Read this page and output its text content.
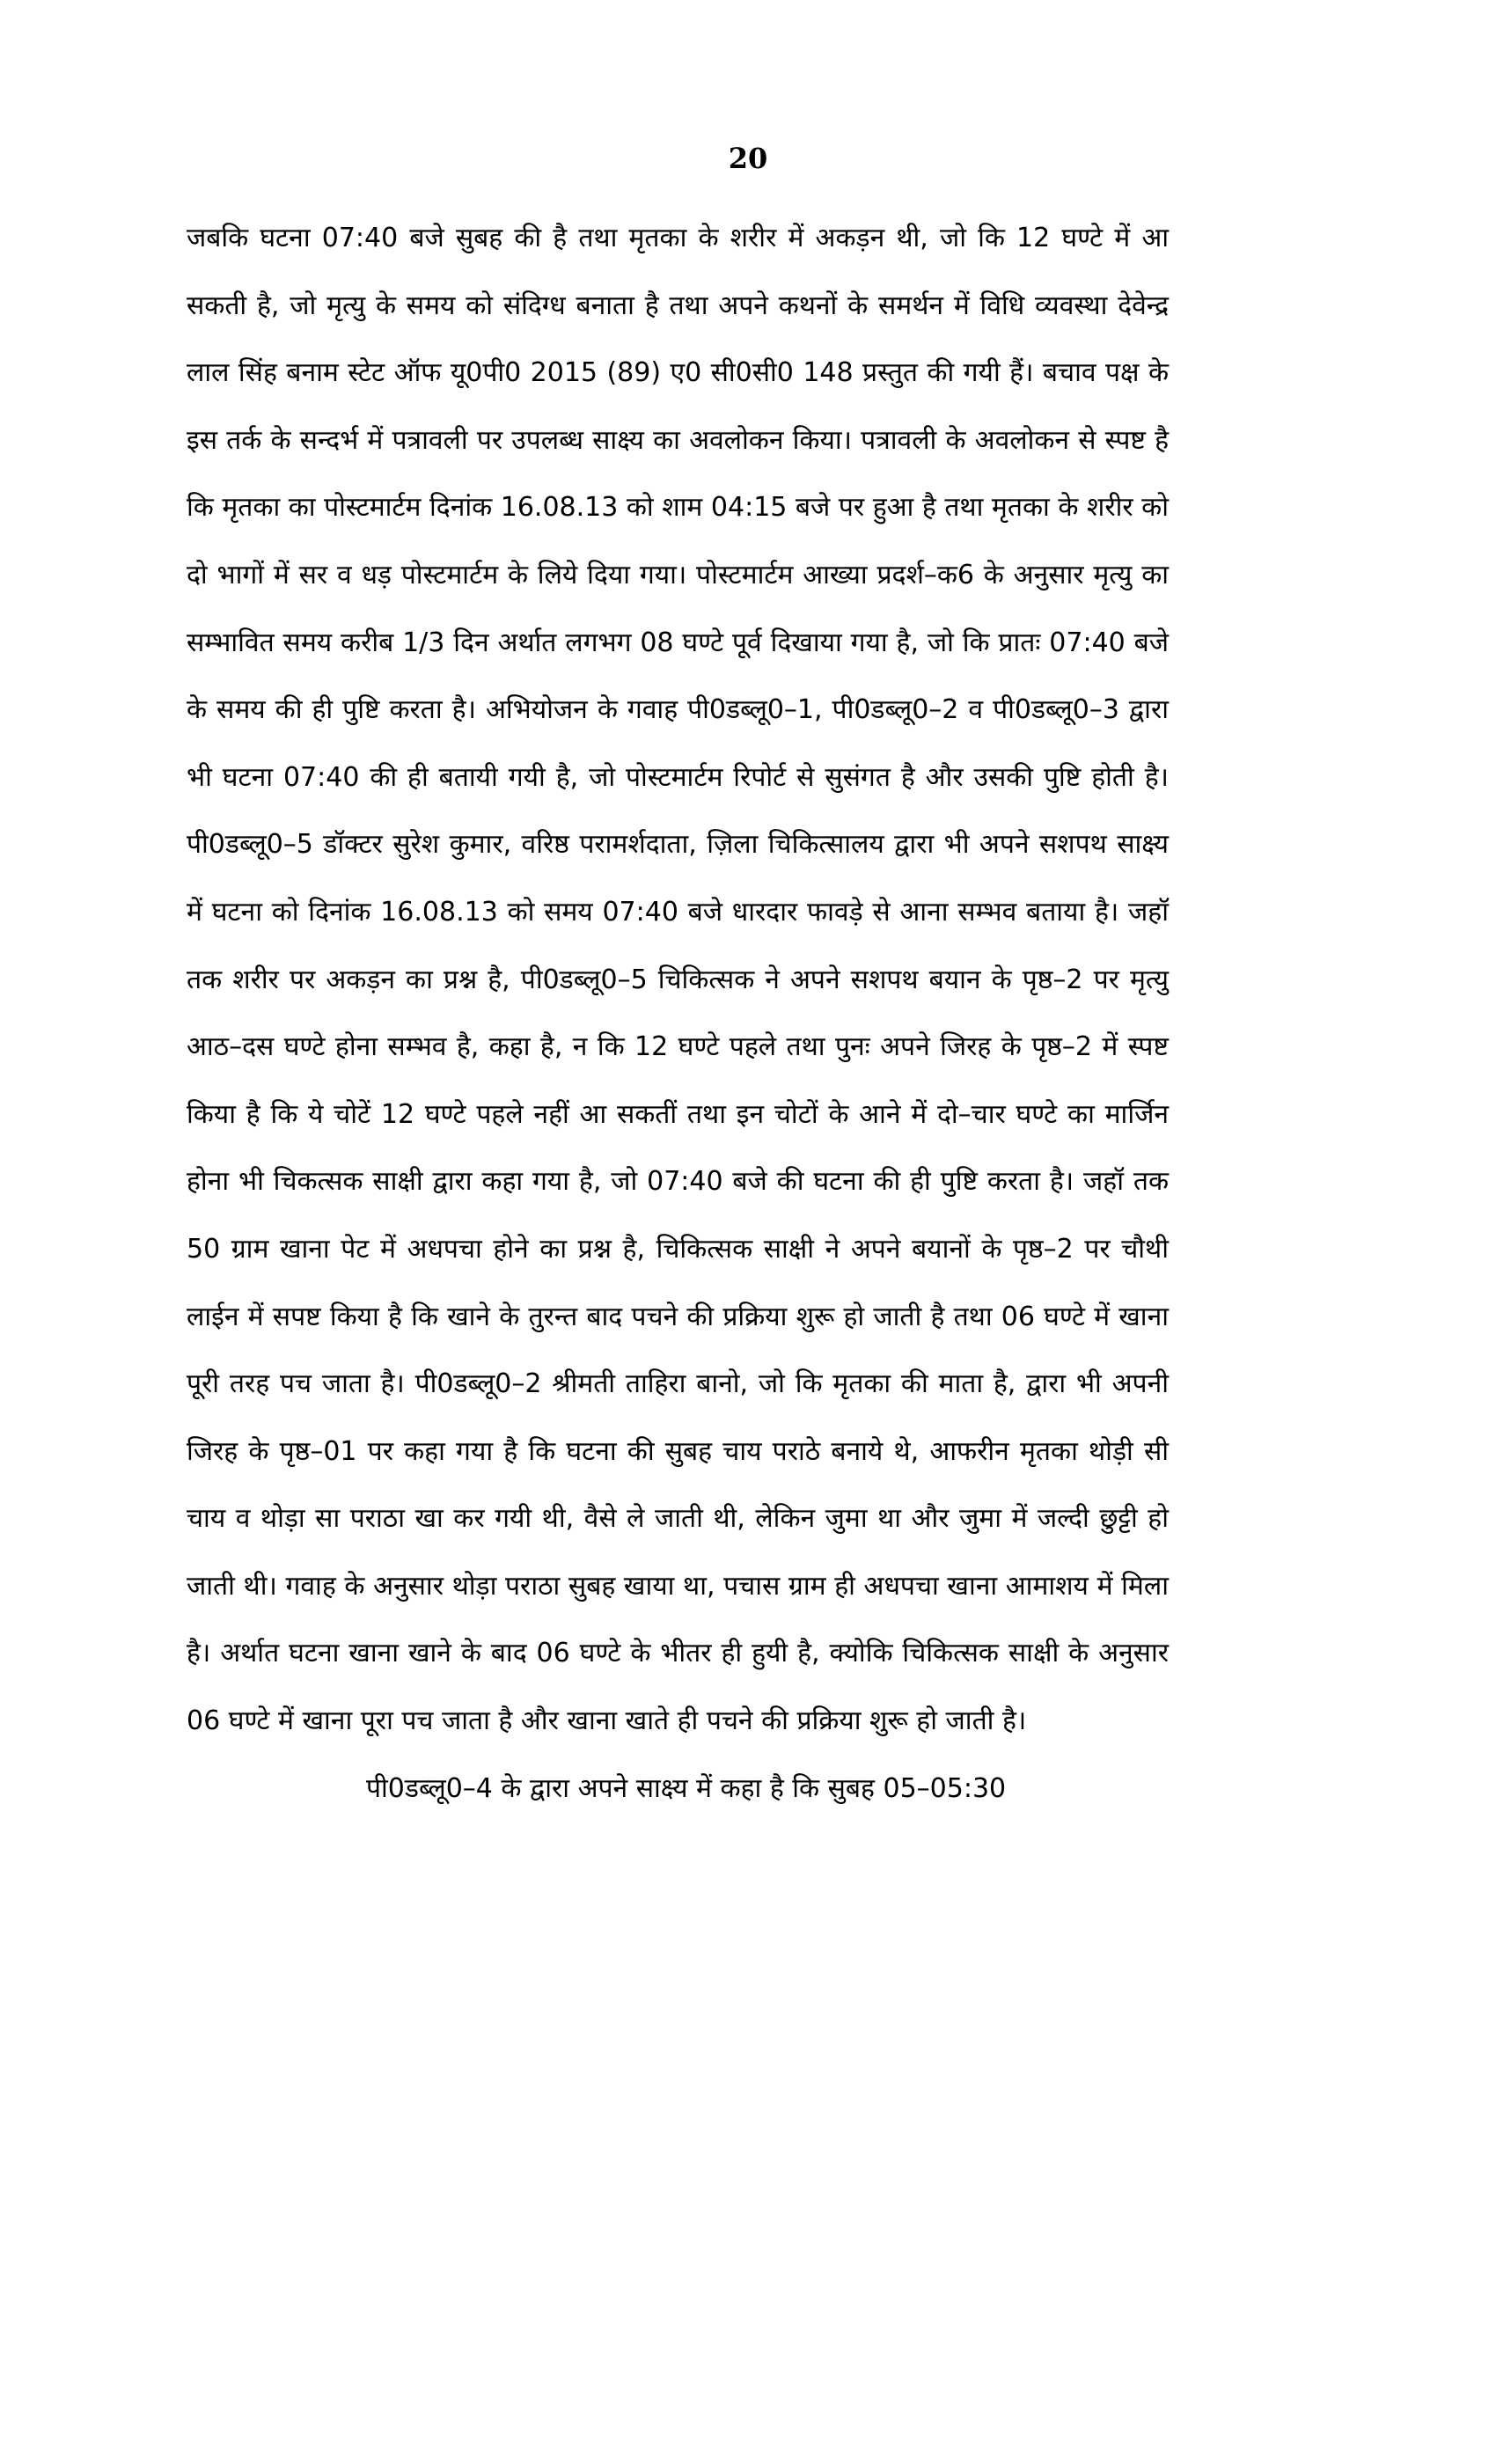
20

जबकि घटना 07:40 बजे सुबह की है तथा मृतका के शरीर में अकड़न थी, जो कि 12 घण्टे में आ सकती है, जो मृत्यु के समय को संदिग्ध बनाता है तथा अपने कथनों के समर्थन में विधि व्यवस्था देवेन्द्र लाल सिंह बनाम स्टेट ऑफ यू0पी0 2015 (89) ए0 सी0सी0 148 प्रस्तुत की गयी हैं। बचाव पक्ष के इस तर्क के सन्दर्भ में पत्रावली पर उपलब्ध साक्ष्य का अवलोकन किया। पत्रावली के अवलोकन से स्पष्ट है कि मृतका का पोस्टमार्टम दिनांक 16.08.13 को शाम 04:15 बजे पर हुआ है तथा मृतका के शरीर को दो भागों में सर व धड़ पोस्टमार्टम के लिये दिया गया। पोस्टमार्टम आख्या प्रदर्श–क6 के अनुसार मृत्यु का सम्भावित समय करीब 1/3 दिन अर्थात लगभग 08 घण्टे पूर्व दिखाया गया है, जो कि प्रातः 07:40 बजे के समय की ही पुष्टि करता है। अभियोजन के गवाह पी0डब्लू0–1, पी0डब्लू0–2 व पी0डब्लू0–3 द्वारा भी घटना 07:40 की ही बतायी गयी है, जो पोस्टमार्टम रिपोर्ट से सुसंगत है और उसकी पुष्टि होती है। पी0डब्लू0–5 डॉक्टर सुरेश कुमार, वरिष्ठ परामर्शदाता, ज़िला चिकित्सालय द्वारा भी अपने सशपथ साक्ष्य में घटना को दिनांक 16.08.13 को समय 07:40 बजे धारदार फावड़े से आना सम्भव बताया है। जहॉ तक शरीर पर अकड़न का प्रश्न है, पी0डब्लू0–5 चिकित्सक ने अपने सशपथ बयान के पृष्ठ–2 पर मृत्यु आठ–दस घण्टे होना सम्भव है, कहा है, न कि 12 घण्टे पहले तथा पुनः अपने जिरह के पृष्ठ–2 में स्पष्ट किया है कि ये चोटें 12 घण्टे पहले नहीं आ सकतीं तथा इन चोटों के आने में दो–चार घण्टे का मार्जिन होना भी चिकत्सक साक्षी द्वारा कहा गया है, जो 07:40 बजे की घटना की ही पुष्टि करता है। जहॉ तक 50 ग्राम खाना पेट में अधपचा होने का प्रश्न है, चिकित्सक साक्षी ने अपने बयानों के पृष्ठ–2 पर चौथी लाईन में सपष्ट किया है कि खाने के तुरन्त बाद पचने की प्रक्रिया शुरू हो जाती है तथा 06 घण्टे में खाना पूरी तरह पच जाता है। पी0डब्लू0–2 श्रीमती ताहिरा बानो, जो कि मृतका की माता है, द्वारा भी अपनी जिरह के पृष्ठ–01 पर कहा गया है कि घटना की सुबह चाय पराठे बनाये थे, आफरीन मृतका थोड़ी सी चाय व थोड़ा सा पराठा खा कर गयी थी, वैसे ले जाती थी, लेकिन जुमा था और जुमा में जल्दी छुट्टी हो जाती थी। गवाह के अनुसार थोड़ा पराठा सुबह खाया था, पचास ग्राम ही अधपचा खाना आमाशय में मिला है। अर्थात घटना खाना खाने के बाद 06 घण्टे के भीतर ही हुयी है, क्योकि चिकित्सक साक्षी के अनुसार 06 घण्टे में खाना पूरा पच जाता है और खाना खाते ही पचने की प्रक्रिया शुरू हो जाती है।

पी0डब्लू0–4 के द्वारा अपने साक्ष्य में कहा है कि सुबह 05–05:30
